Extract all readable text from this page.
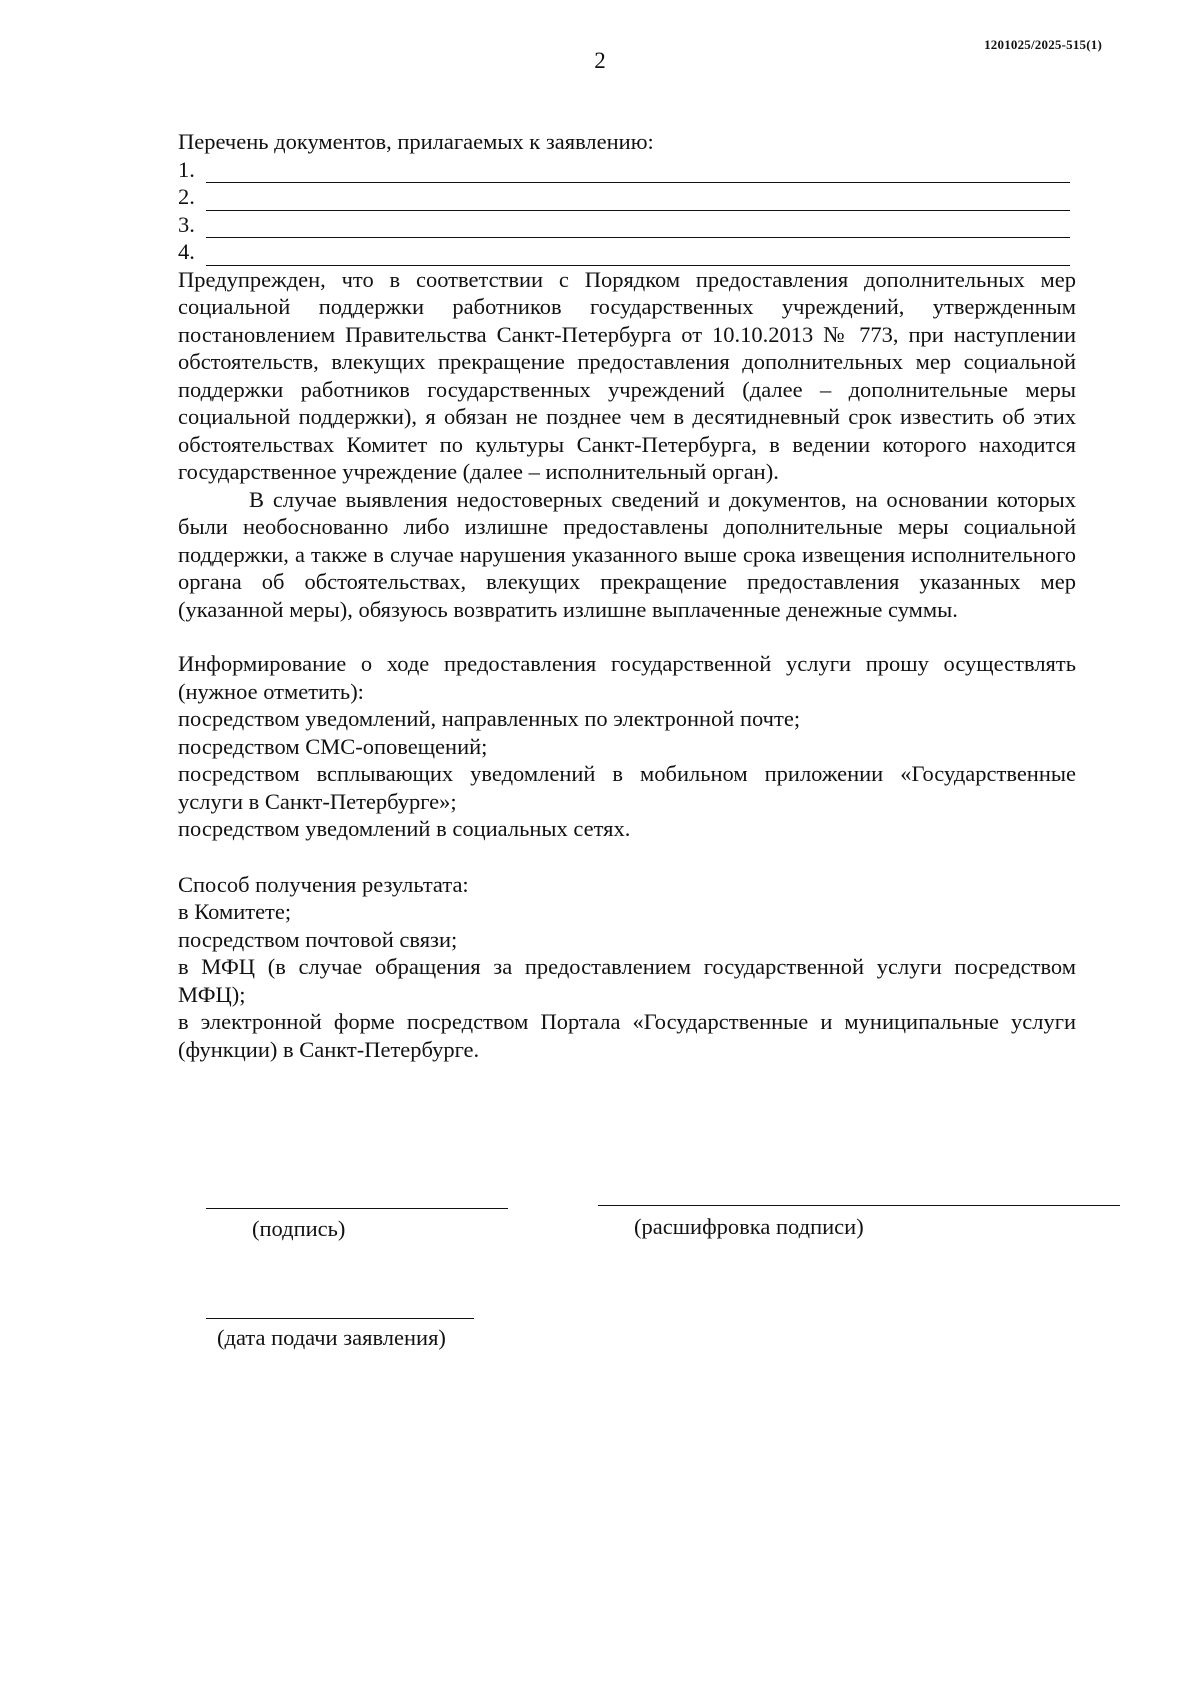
1201025/2025-515(1)
2

Перечень документов, прилагаемых к заявлению:

1.
2.
3.
4.

Предупрежден, что в соответствии с Порядком предоставления дополнительных мер социальной поддержки работников государственных учреждений, утвержденным постановлением Правительства Санкт-Петербурга от 10.10.2013 № 773, при наступлении обстоятельств, влекущих прекращение предоставления дополнительных мер социальной поддержки работников государственных учреждений (далее – дополнительные меры социальной поддержки), я обязан не позднее чем в десятидневный срок известить об этих обстоятельствах Комитет по культуры Санкт-Петербурга, в ведении которого находится государственное учреждение (далее – исполнительный орган).

В случае выявления недостоверных сведений и документов, на основании которых были необоснованно либо излишне предоставлены дополнительные меры социальной поддержки, а также в случае нарушения указанного выше срока извещения исполнительного органа об обстоятельствах, влекущих прекращение предоставления указанных мер (указанной меры), обязуюсь возвратить излишне выплаченные денежные суммы.

Информирование о ходе предоставления государственной услуги прошу осуществлять (нужное отметить):

посредством уведомлений, направленных по электронной почте;

посредством СМС-оповещений;

посредством всплывающих уведомлений в мобильном приложении «Государственные услуги в Санкт-Петербурге»;

посредством уведомлений в социальных сетях.

Способ получения результата:

в Комитете;

посредством почтовой связи;

в МФЦ (в случае обращения за предоставлением государственной услуги посредством МФЦ);

в электронной форме посредством Портала «Государственные и муниципальные услуги (функции) в Санкт-Петербурге.

(подпись)	(расшифровка подписи)
(дата подачи заявления)
